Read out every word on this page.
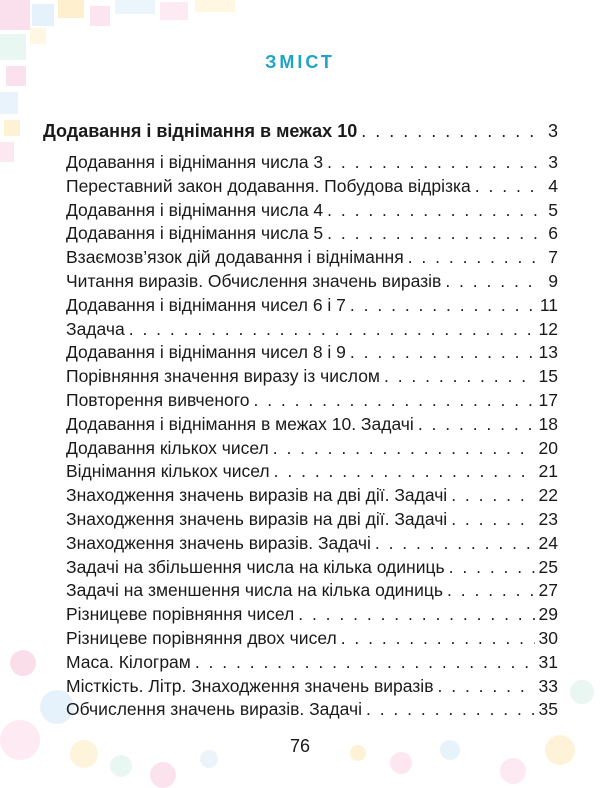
ЗМІСТ
Додавання і віднімання в межах 10 . . .	3
Додавання і віднімання числа 3 . . .	3
Переставний закон додавання. Побудова відрізка . . .	4
Додавання і віднімання числа 4 . . .	5
Додавання і віднімання числа 5 . . .	6
Взаємозв’язок дій додавання і віднімання . . .	7
Читання виразів. Обчислення значень виразів . . .	9
Додавання і віднімання чисел 6 і 7 . . .	11
Задача . . .	12
Додавання і віднімання чисел 8 і 9 . . .	13
Порівняння значення виразу із числом . . .	15
Повторення вивченого . . .	17
Додавання і віднімання в межах 10. Задачі . . .	18
Додавання кількох чисел . . .	20
Віднімання кількох чисел . . .	21
Знаходження значень виразів на дві дії. Задачі . . .	22
Знаходження значень виразів на дві дії. Задачі . . .	23
Знаходження значень виразів. Задачі . . .	24
Задачі на збільшення числа на кілька одиниць . . .	25
Задачі на зменшення числа на кілька одиниць . . .	27
Різницеве порівняння чисел . . .	29
Різницеве порівняння двох чисел . . .	30
Маса. Кілограм . . .	31
Місткість. Літр. Знаходження значень виразів . . .	33
Обчислення значень виразів. Задачі . . .	35
76
